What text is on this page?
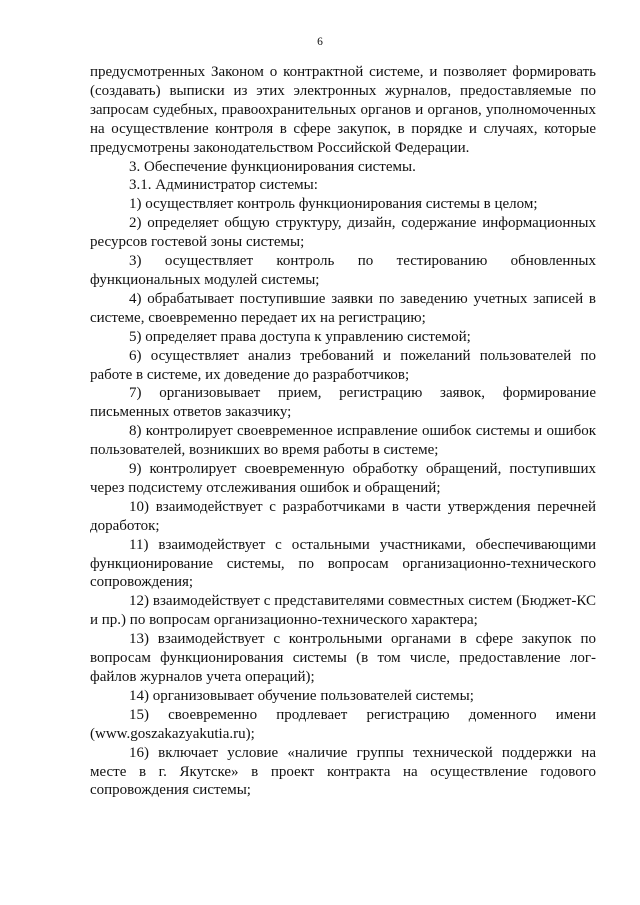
6

предусмотренных Законом о контрактной системе, и позволяет формировать (создавать) выписки из этих электронных журналов, предоставляемые по запросам судебных, правоохранительных органов и органов, уполномоченных на осуществление контроля в сфере закупок, в порядке и случаях, которые предусмотрены законодательством Российской Федерации.

3. Обеспечение функционирования системы.

3.1. Администратор системы:

1) осуществляет контроль функционирования системы в целом;

2) определяет общую структуру, дизайн, содержание информационных ресурсов гостевой зоны системы;

3) осуществляет контроль по тестированию обновленных функциональных модулей системы;

4) обрабатывает поступившие заявки по заведению учетных записей в системе, своевременно передает их на регистрацию;

5) определяет права доступа к управлению системой;

6) осуществляет анализ требований и пожеланий пользователей по работе в системе, их доведение до разработчиков;

7) организовывает прием, регистрацию заявок, формирование письменных ответов заказчику;

8) контролирует своевременное исправление ошибок системы и ошибок пользователей, возникших во время работы в системе;

9) контролирует своевременную обработку обращений, поступивших через подсистему отслеживания ошибок и обращений;

10) взаимодействует с разработчиками в части утверждения перечней доработок;

11) взаимодействует с остальными участниками, обеспечивающими функционирование системы, по вопросам организационно-технического сопровождения;

12) взаимодействует с представителями совместных систем (Бюджет-КС и пр.) по вопросам организационно-технического характера;

13) взаимодействует с контрольными органами в сфере закупок по вопросам функционирования системы (в том числе, предоставление лог-файлов журналов учета операций);

14) организовывает обучение пользователей системы;

15) своевременно продлевает регистрацию доменного имени (www.goszakazyakutia.ru);

16) включает условие «наличие группы технической поддержки на месте в г. Якутске» в проект контракта на осуществление годового сопровождения системы;
